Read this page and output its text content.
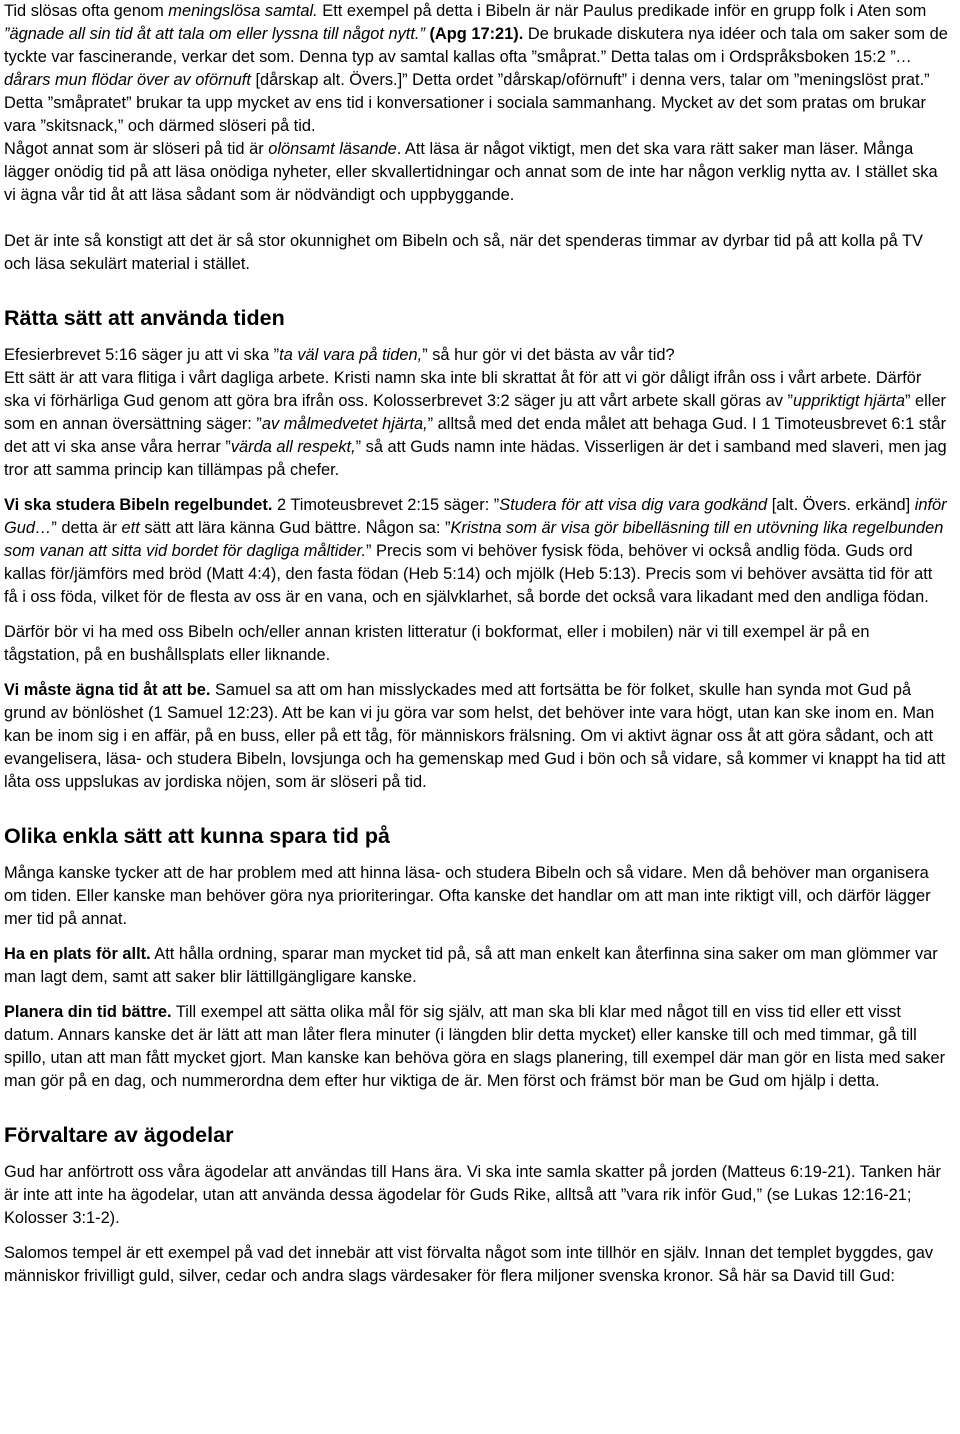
Tid slösas ofta genom meningslösa samtal. Ett exempel på detta i Bibeln är när Paulus predikade inför en grupp folk i Aten som ”ägnade all sin tid åt att tala om eller lyssna till något nytt.” (Apg 17:21). De brukade diskutera nya idéer och tala om saker som de tyckte var fascinerande, verkar det som. Denna typ av samtal kallas ofta ”småprat.” Detta talas om i Ordspråksboken 15:2 ”…dårars mun flödar över av oförnuft [dårskap alt. Övers.]” Detta ordet ”dårskap/oförnuft” i denna vers, talar om ”meningslöst prat.” Detta ”småpratet” brukar ta upp mycket av ens tid i konversationer i sociala sammanhang. Mycket av det som pratas om brukar vara ”skitsnack,” och därmed slöseri på tid.

Något annat som är slöseri på tid är olönsamt läsande. Att läsa är något viktigt, men det ska vara rätt saker man läser. Många lägger onödig tid på att läsa onödiga nyheter, eller skvallertidningar och annat som de inte har någon verklig nytta av. I stället ska vi ägna vår tid åt att läsa sådant som är nödvändigt och uppbyggande.

Det är inte så konstigt att det är så stor okunnighet om Bibeln och så, när det spenderas timmar av dyrbar tid på att kolla på TV och läsa sekulärt material i stället.

Rätta sätt att använda tiden

Efesierbrevet 5:16 säger ju att vi ska ”ta väl vara på tiden,” så hur gör vi det bästa av vår tid?

Ett sätt är att vara flitiga i vårt dagliga arbete. Kristi namn ska inte bli skrattat åt för att vi gör dåligt ifrån oss i vårt arbete. Därför ska vi förhärliga Gud genom att göra bra ifrån oss. Kolosserbrevet 3:2 säger ju att vårt arbete skall göras av ”uppriktigt hjärta” eller som en annan översättning säger: ”av målmedvetet hjärta,” alltså med det enda målet att behaga Gud. I 1 Timoteusbrevet 6:1 står det att vi ska anse våra herrar ”värda all respekt,” så att Guds namn inte hädas. Visserligen är det i samband med slaveri, men jag tror att samma princip kan tillämpas på chefer.

Vi ska studera Bibeln regelbundet. 2 Timoteusbrevet 2:15 säger: ”Studera för att visa dig vara godkänd [alt. Övers. erkänd] inför Gud…” detta är ett sätt att lära känna Gud bättre. Någon sa: ”Kristna som är visa gör bibelläsning till en utövning lika regelbunden som vanan att sitta vid bordet för dagliga måltider.” Precis som vi behöver fysisk föda, behöver vi också andlig föda. Guds ord kallas för/jämförs med bröd (Matt 4:4), den fasta födan (Heb 5:14) och mjölk (Heb 5:13). Precis som vi behöver avsätta tid för att få i oss föda, vilket för de flesta av oss är en vana, och en självklarhet, så borde det också vara likadant med den andliga födan.

Därför bör vi ha med oss Bibeln och/eller annan kristen litteratur (i bokformat, eller i mobilen) när vi till exempel är på en tågstation, på en bushållsplats eller liknande.

Vi måste ägna tid åt att be. Samuel sa att om han misslyckades med att fortsätta be för folket, skulle han synda mot Gud på grund av bönlöshet (1 Samuel 12:23). Att be kan vi ju göra var som helst, det behöver inte vara högt, utan kan ske inom en. Man kan be inom sig i en affär, på en buss, eller på ett tåg, för människors frälsning. Om vi aktivt ägnar oss åt att göra sådant, och att evangelisera, läsa- och studera Bibeln, lovsjunga och ha gemenskap med Gud i bön och så vidare, så kommer vi knappt ha tid att låta oss uppslukas av jordiska nöjen, som är slöseri på tid.

Olika enkla sätt att kunna spara tid på

Många kanske tycker att de har problem med att hinna läsa- och studera Bibeln och så vidare. Men då behöver man organisera om tiden. Eller kanske man behöver göra nya prioriteringar. Ofta kanske det handlar om att man inte riktigt vill, och därför lägger mer tid på annat.

Ha en plats för allt. Att hålla ordning, sparar man mycket tid på, så att man enkelt kan återfinna sina saker om man glömmer var man lagt dem, samt att saker blir lättillgängligare kanske.

Planera din tid bättre. Till exempel att sätta olika mål för sig själv, att man ska bli klar med något till en viss tid eller ett visst datum. Annars kanske det är lätt att man låter flera minuter (i längden blir detta mycket) eller kanske till och med timmar, gå till spillo, utan att man fått mycket gjort. Man kanske kan behöva göra en slags planering, till exempel där man gör en lista med saker man gör på en dag, och nummerordna dem efter hur viktiga de är. Men först och främst bör man be Gud om hjälp i detta.

Förvaltare av ägodelar

Gud har anförtrott oss våra ägodelar att användas till Hans ära. Vi ska inte samla skatter på jorden (Matteus 6:19-21). Tanken här är inte att inte ha ägodelar, utan att använda dessa ägodelar för Guds Rike, alltså att ”vara rik inför Gud,” (se Lukas 12:16-21; Kolosser 3:1-2).

Salomos tempel är ett exempel på vad det innebär att vist förvalta något som inte tillhör en själv. Innan det templet byggdes, gav människor frivilligt guld, silver, cedar och andra slags värdesaker för flera miljoner svenska kronor. Så här sa David till Gud:
